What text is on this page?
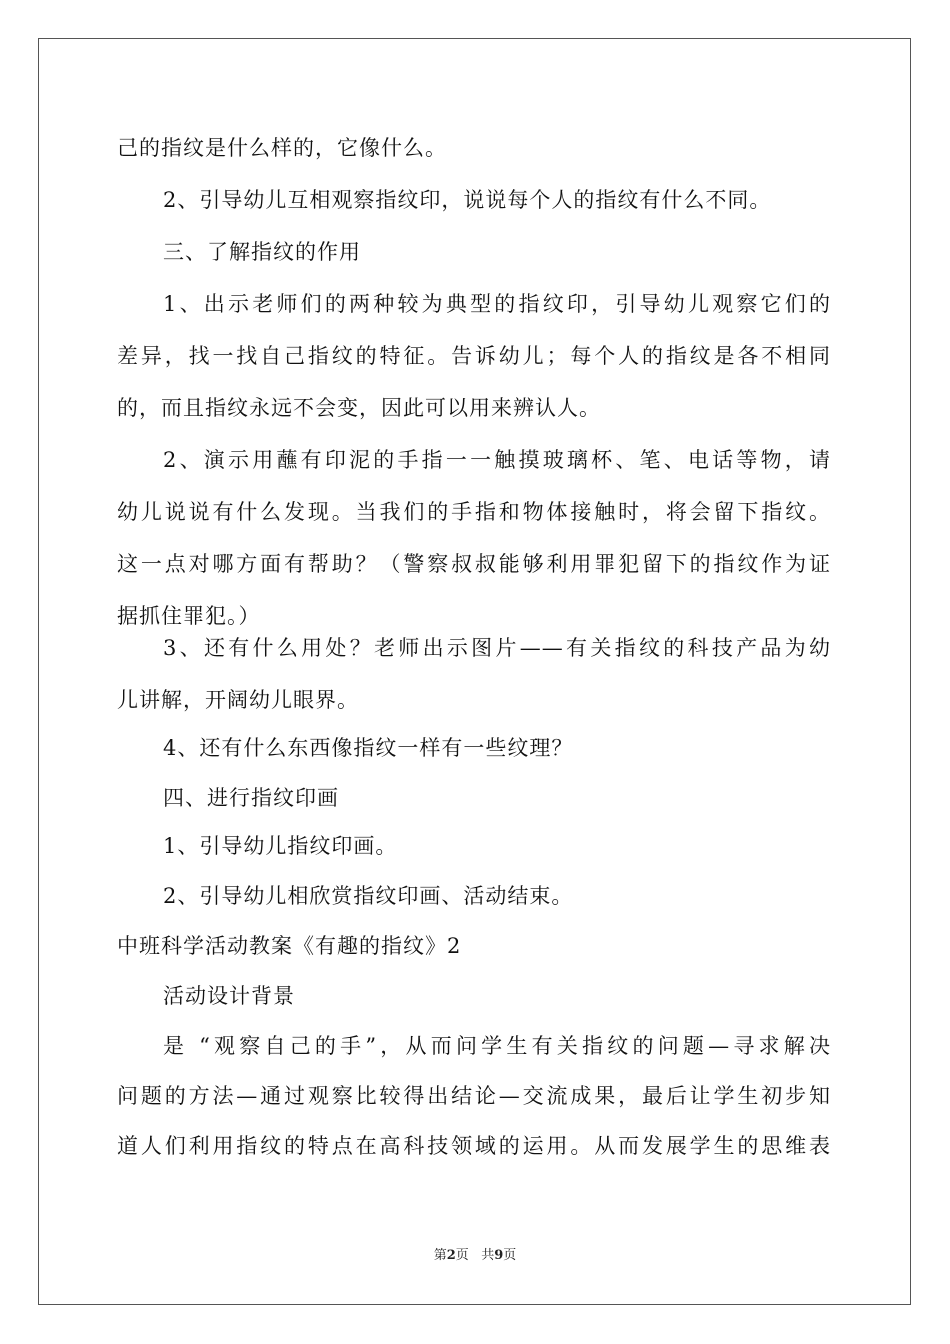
己的指纹是什么样的，它像什么。
2、引导幼儿互相观察指纹印，说说每个人的指纹有什么不同。
三、了解指纹的作用
1、出示老师们的两种较为典型的指纹印，引导幼儿观察它们的
差异，找一找自己指纹的特征。告诉幼儿；每个人的指纹是各不相同
的，而且指纹永远不会变，因此可以用来辨认人。
2、演示用蘸有印泥的手指一一触摸玻璃杯、笔、电话等物，请
幼儿说说有什么发现。当我们的手指和物体接触时，将会留下指纹。
这一点对哪方面有帮助？（警察叔叔能够利用罪犯留下的指纹作为证
据抓住罪犯。）
3、还有什么用处？老师出示图片——有关指纹的科技产品为幼
儿讲解，开阔幼儿眼界。
4、还有什么东西像指纹一样有一些纹理？
四、进行指纹印画
1、引导幼儿指纹印画。
2、引导幼儿相欣赏指纹印画、活动结束。
中班科学活动教案《有趣的指纹》2
活动设计背景
是 “观察自己的手”，从而问学生有关指纹的问题—寻求解决
问题的方法—通过观察比较得出结论—交流成果，最后让学生初步知
道人们利用指纹的特点在高科技领域的运用。从而发展学生的思维表
第2页 共9页
